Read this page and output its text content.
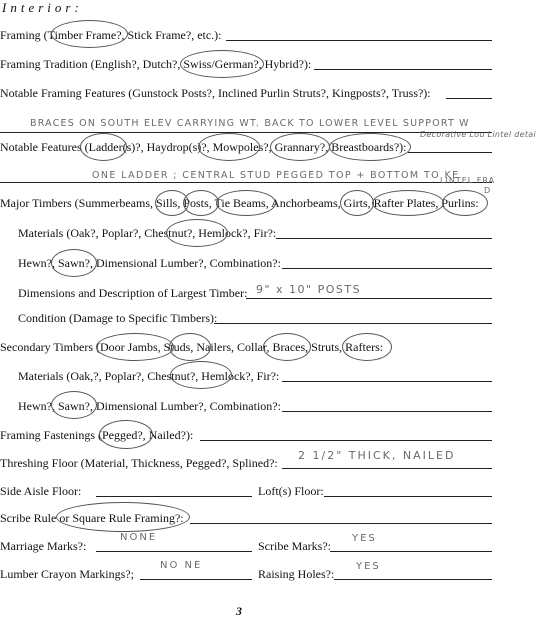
Interior:
Framing (Timber Frame?, Stick Frame?, etc.):
Framing Tradition (English?, Dutch?, Swiss/German?, Hybrid?):
Notable Framing Features (Gunstock Posts?, Inclined Purlin Struts?, Kingposts?, Truss?):
BRACES ON SOUTH ELEV CARRYING WT. BACK TO LOWER LEVEL SUPPORT W
Notable Features (Ladder(s)?, Haydrop(s)?, Mowpoles?, Grannary?, Breastboards?):
Decorative Lou Lintel detai
ONE LADDER ; CENTRAL STUD PEGGED TOP + BOTTOM TO KE
LINTEL FRA
D
Major Timbers (Summerbeams, Sills, Posts, Tie Beams, Anchorbeams, Girts, Rafter Plates, Purlins:
Materials (Oak?, Poplar?, Chestnut?, Hemlock?, Fir?:
Hewn?, Sawn?, Dimensional Lumber?, Combination?:
Dimensions and Description of Largest Timber: 9" x 10" POSTS
Condition (Damage to Specific Timbers):
Secondary Timbers (Door Jambs, Studs, Nailers, Collar, Braces, Struts, Rafters:
Materials (Oak,?, Poplar?, Chestnut?, Hemlock?, Fir?:
Hewn?, Sawn?, Dimensional Lumber?, Combination?:
Framing Fastenings (Pegged?, Nailed?):
Threshing Floor (Material, Thickness, Pegged?, Splined?:
2 1/2" THICK, NAILED
Side Aisle Floor:	Loft(s) Floor:
Scribe Rule or Square Rule Framing?:
Marriage Marks?:
NONE
Scribe Marks?:
YES
Lumber Crayon Markings?;
NO NE
Raising Holes?:
YES
3
